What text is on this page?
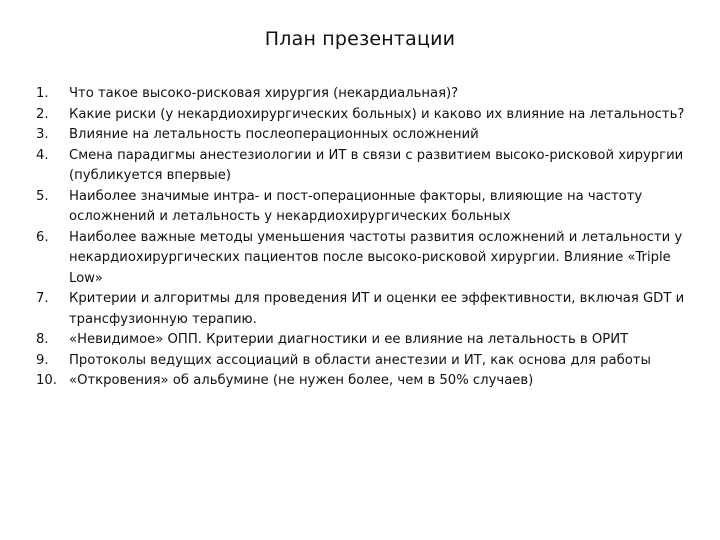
План презентации
1.	Что такое высоко-рисковая хирургия (некардиальная)?
2.	Какие риски (у некардиохирургических больных) и каково их влияние на летальность?
3.	Влияние на летальность послеоперационных осложнений
4.	Смена парадигмы анестезиологии и ИТ в связи с развитием высоко-рисковой хирургии (публикуется впервые)
5.	Наиболее значимые интра- и пост-операционные факторы, влияющие на частоту осложнений и летальность у некардиохирургических больных
6.	Наиболее важные методы уменьшения частоты развития осложнений и летальности у некардиохирургических пациентов после высоко-рисковой хирургии. Влияние «Triple Low»
7.	Критерии и алгоритмы для проведения ИТ и оценки ее эффективности, включая GDT и трансфузионную терапию.
8.	«Невидимое» ОПП. Критерии диагностики и ее влияние на летальность в ОРИТ
9.	Протоколы ведущих ассоциаций в области анестезии и ИТ, как основа для работы
10. «Откровения» об альбумине (не нужен более, чем в 50% случаев)
